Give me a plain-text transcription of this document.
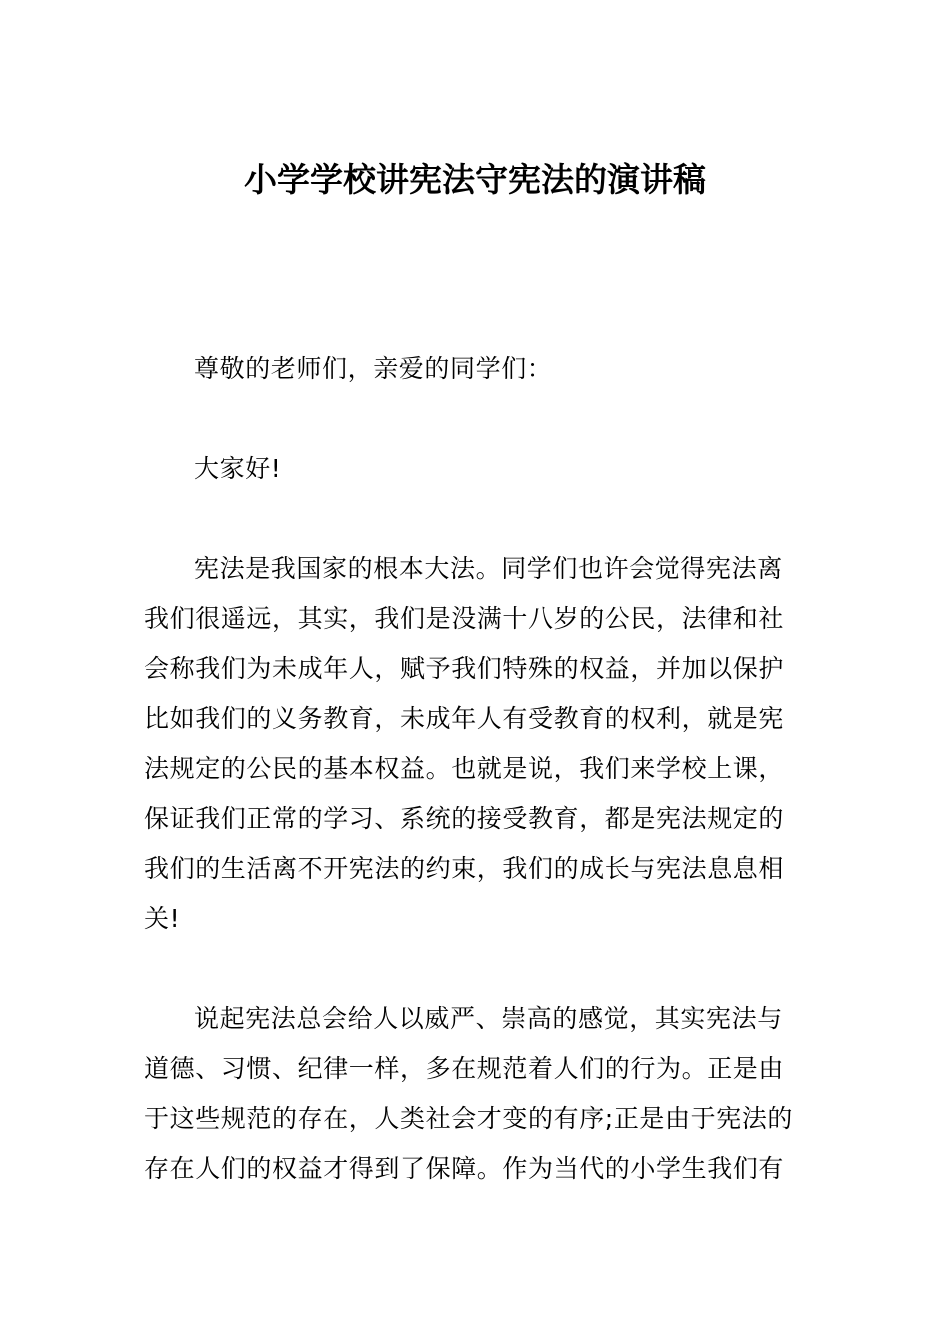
小学学校讲宪法守宪法的演讲稿
尊敬的老师们，亲爱的同学们：
大家好!
宪法是我国家的根本大法。同学们也许会觉得宪法离
我们很遥远，其实，我们是没满十八岁的公民，法律和社
会称我们为未成年人，赋予我们特殊的权益，并加以保护
比如我们的义务教育，未成年人有受教育的权利，就是宪
法规定的公民的基本权益。也就是说，我们来学校上课，
保证我们正常的学习、系统的接受教育，都是宪法规定的
我们的生活离不开宪法的约束，我们的成长与宪法息息相
关!
说起宪法总会给人以威严、崇高的感觉，其实宪法与
道德、习惯、纪律一样，多在规范着人们的行为。正是由
于这些规范的存在，人类社会才变的有序;正是由于宪法的
存在人们的权益才得到了保障。作为当代的小学生我们有
